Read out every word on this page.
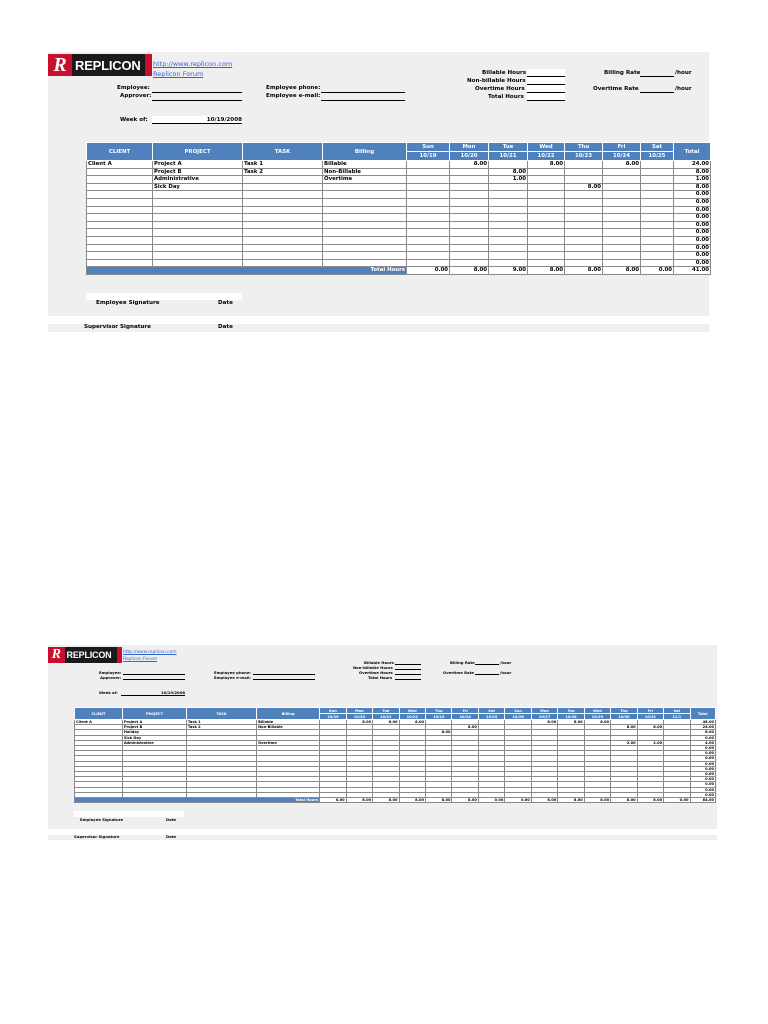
R REPLICON	http://www.replicon.com
Replicon Forum
Employee:
Approver:
Employee phone:
Employee e-mail:
Billable Hours
Non-billable Hours
Overtime Hours
Total Hours
Billing Rate	/hour
Overtime Rate	/hour
Week of:	10/19/2008
Employee Signature	Date
Supervisor Signature	Date
CLIENT	PROJECT	TASK	Billing	Sun	Mon	Tue	Wed	Thu	Fri	Sat	Total
				10/19	10/20	10/21	10/22	10/23	10/24	10/25	
Client A	Project A	Task 1	Billable		8.00		8.00		8.00		24.00
	Project B	Task 2	Non-Billable			8.00					8.00
	Administrative		Overtime			1.00					1.00
	Sick Day							8.00			8.00
											0.00
											0.00
											0.00
											0.00
											0.00
											0.00
											0.00
											0.00
											0.00
											0.00
Total Hours				0.00	8.00	9.00	8.00	8.00	8.00	0.00	41.00
R REPLICON	http://www.replicon.com
Replicon Forum
Employee:
Approver:
Employee phone:
Employee e-mail:
Billable Hours
Non-billable Hours
Overtime Hours
Total Hours
Billing Rate	/hour
Overtime Rate	/hour
Week of:	10/19/2008
Employee Signature	Date
Supervisor Signature	Date
CLIENT	PROJECT	TASK	Billing	Sun	Mon	Tue	Wed	Thu	Fri	Sat	Sun	Mon	Tue	Wed	Thu	Fri	Sat	Total
				10/19	10/20	10/21	10/22	10/23	10/24	10/25	10/26	10/27	10/28	10/29	10/30	10/31	11/1	
Client A	Project A	Task 1	Billable		8.00	8.00	8.00					8.00	8.00	8.00				48.00
	Project B	Task 2	Non-Billable						8.00						8.00	8.00		24.00
	Holiday							8.00										8.00
	Sick Day																	0.00
	Administrative		Overtime												2.00	2.00		4.00
																		0.00
																		0.00
																		0.00
																		0.00
																		0.00
																		0.00
																		0.00
																		0.00
																		0.00
																		0.00
Total Hours				0.00	8.00	8.00	8.00	8.00	8.00	0.00	0.00	8.00	8.00	8.00	8.00	8.00	0.00	84.00
